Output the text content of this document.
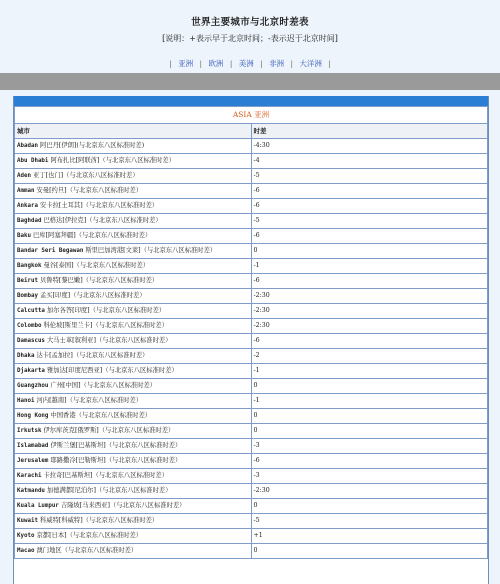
世界主要城市与北京时差表
[说明：+表示早于北京时间；-表示迟于北京时间]
| 亚洲 | 欧洲 | 美洲 | 非洲 | 大洋洲 |
ASIA 亚洲	
城市	时差
Abadan 阿巴丹[伊朗](与北京东八区标准时差)	-4:30
Abu Dhabi 阿布扎比[阿联酋]（与北京东八区标准时差）	-4
Aden 亚丁[也门]（与北京东八区标准时差）	-5
Amman 安曼[约旦]（与北京东八区标准时差）	-6
Ankara 安卡拉[土耳其]（与北京东八区标准时差）	-6
Baghdad 巴格达[伊拉克]（与北京东八区标准时差）	-5
Baku 巴库[阿塞拜疆]（与北京东八区标准时差）	-6
Bandar Seri Begawan 斯里巴加湾港[文莱]（与北京东八区标准时差）	0
Bangkok 曼谷[泰国]（与北京东八区标准时差）	-1
Beirut 贝鲁特[黎巴嫩]（与北京东八区标准时差）	-6
Bombay 孟买[印度]（与北京东八区标准时差）	-2:30
Calcutta 加尔各答[印度]（与北京东八区标准时差）	-2:30
Colombo 科伦坡[斯里兰卡]（与北京东八区标准时差）	-2:30
Damascus 大马士革[叙利亚]（与北京东八区标准时差）	-6
Dhaka 达卡[孟加拉]（与北京东八区标准时差）	-2
Djakarta 雅加达[印度尼西亚]（与北京东八区标准时差）	-1
Guangzhou 广州[中国]（与北京东八区标准时差）	0
Hanoi 河内[越南]（与北京东八区标准时差）	-1
Hong Kong 中国香港（与北京东八区标准时差）	0
Irkutsk 伊尔库茨克[俄罗斯]（与北京东八区标准时差）	0
Islamabad 伊斯兰堡[巴基斯坦]（与北京东八区标准时差）	-3
Jerusalem 耶路撒冷[巴勒斯坦]（与北京东八区标准时差）	-6
Karachi 卡拉奇[巴基斯坦]（与北京东八区标准时差）	-3
Katmandu 加德满都[尼泊尔]（与北京东八区标准时差）	-2:30
Kuala Lumpur 吉隆坡[马来西亚]（与北京东八区标准时差）	0
Kuwait 科威特[科威特]（与北京东八区标准时差）	-5
Kyoto 京都[日本]（与北京东八区标准时差）	+1
Macao 澳门地区（与北京东八区标准时差）	0
